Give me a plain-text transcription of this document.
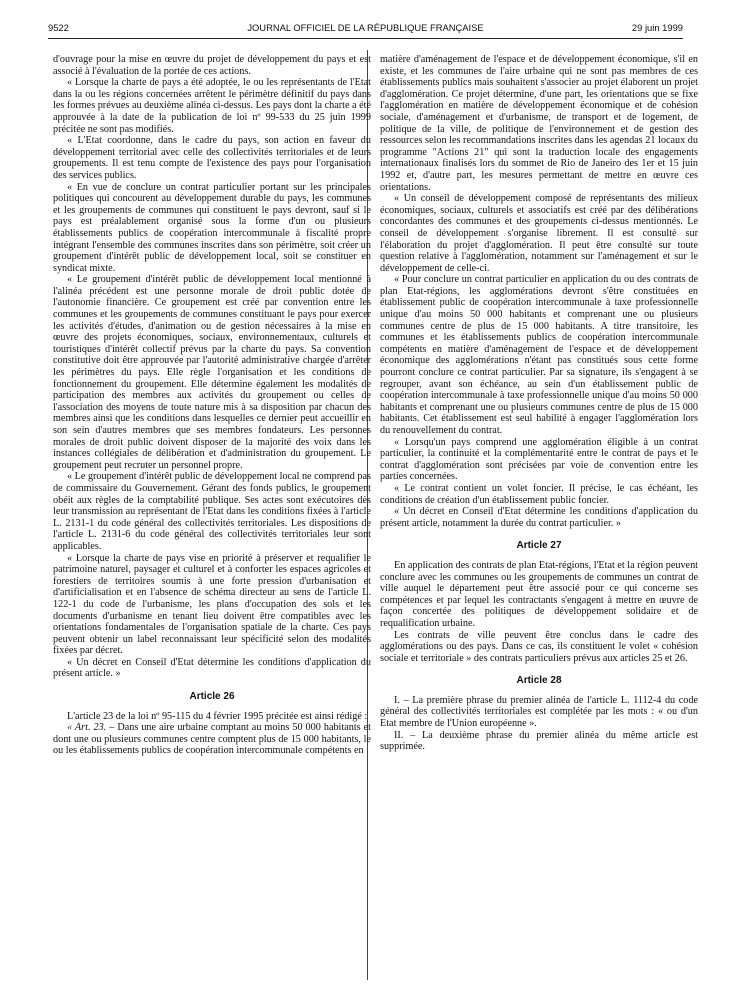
9522	JOURNAL OFFICIEL DE LA RÉPUBLIQUE FRANÇAISE	29 juin 1999

d'ouvrage pour la mise en œuvre du projet de développement du pays et est associé à l'évaluation de la portée de ces actions.

« Lorsque la charte de pays a été adoptée, le ou les représentants de l'Etat dans la ou les régions concernées arrêtent le périmètre définitif du pays dans les formes prévues au deuxième alinéa ci-dessus. Les pays dont la charte a été approuvée à la date de la publication de loi nº 99-533 du 25 juin 1999 précitée ne sont pas modifiés.

« L'Etat coordonne, dans le cadre du pays, son action en faveur du développement territorial avec celle des collectivités territoriales et de leurs groupements. Il est tenu compte de l'existence des pays pour l'organisation des services publics.

« En vue de conclure un contrat particulier portant sur les principales politiques qui concourent au développement durable du pays, les communes et les groupements de communes qui constituent le pays devront, sauf si le pays est préalablement organisé sous la forme d'un ou plusieurs établissements publics de coopération intercommunale à fiscalité propre intégrant l'ensemble des communes inscrites dans son périmètre, soit créer un groupement d'intérêt public de développement local, soit se constituer en syndicat mixte.

« Le groupement d'intérêt public de développement local mentionné à l'alinéa précédent est une personne morale de droit public dotée de l'autonomie financière. Ce groupement est créé par convention entre les communes et les groupements de communes constituant le pays pour exercer les activités d'études, d'animation ou de gestion nécessaires à la mise en œuvre des projets économiques, sociaux, environnementaux, culturels et touristiques d'intérêt collectif prévus par la charte du pays. Sa convention constitutive doit être approuvée par l'autorité administrative chargée d'arrêter les périmètres du pays. Elle règle l'organisation et les conditions de fonctionnement du groupement. Elle détermine également les modalités de participation des membres aux activités du groupement ou celles de l'association des moyens de toute nature mis à sa disposition par chacun des membres ainsi que les conditions dans lesquelles ce dernier peut accueillir en son sein d'autres membres que ses membres fondateurs. Les personnes morales de droit public doivent disposer de la majorité des voix dans les instances collégiales de délibération et d'administration du groupement. Le groupement peut recruter un personnel propre.

« Le groupement d'intérêt public de développement local ne comprend pas de commissaire du Gouvernement. Gérant des fonds publics, le groupement obéit aux règles de la comptabilité publique. Ses actes sont exécutoires dès leur transmission au représentant de l'Etat dans les conditions fixées à l'article L. 2131-1 du code général des collectivités territoriales. Les dispositions de l'article L. 2131-6 du code général des collectivités territoriales leur sont applicables.

« Lorsque la charte de pays vise en priorité à préserver et requalifier le patrimoine naturel, paysager et culturel et à conforter les espaces agricoles et forestiers de territoires soumis à une forte pression d'urbanisation et d'artificialisation et en l'absence de schéma directeur au sens de l'article L. 122-1 du code de l'urbanisme, les plans d'occupation des sols et les documents d'urbanisme en tenant lieu doivent être compatibles avec les orientations fondamentales de l'organisation spatiale de la charte. Ces pays peuvent obtenir un label reconnaissant leur spécificité selon des modalités fixées par décret.

« Un décret en Conseil d'Etat détermine les conditions d'application du présent article. »

Article 26

L'article 23 de la loi nº 95-115 du 4 février 1995 précitée est ainsi rédigé :

« Art. 23. – Dans une aire urbaine comptant au moins 50 000 habitants et dont une ou plusieurs communes centre comptent plus de 15 000 habitants, le ou les établissements publics de coopération intercommunale compétents en

matière d'aménagement de l'espace et de développement économique, s'il en existe, et les communes de l'aire urbaine qui ne sont pas membres de ces établissements publics mais souhaitent s'associer au projet élaborent un projet d'agglomération. Ce projet détermine, d'une part, les orientations que se fixe l'agglomération en matière de développement économique et de cohésion sociale, d'aménagement et d'urbanisme, de transport et de logement, de politique de la ville, de politique de l'environnement et de gestion des ressources selon les recommandations inscrites dans les agendas 21 locaux du programme "Actions 21" qui sont la traduction locale des engagements internationaux finalisés lors du sommet de Rio de Janeiro des 1er et 15 juin 1992 et, d'autre part, les mesures permettant de mettre en œuvre ces orientations.

« Un conseil de développement composé de représentants des milieux économiques, sociaux, culturels et associatifs est créé par des délibérations concordantes des communes et des groupements ci-dessus mentionnés. Le conseil de développement s'organise librement. Il est consulté sur l'élaboration du projet d'agglomération. Il peut être consulté sur toute question relative à l'agglomération, notamment sur l'aménagement et sur le développement de celle-ci.

« Pour conclure un contrat particulier en application du ou des contrats de plan Etat-régions, les agglomérations devront s'être constituées en établissement public de coopération intercommunale à taxe professionnelle unique d'au moins 50 000 habitants et comprenant une ou plusieurs communes centre de plus de 15 000 habitants. A titre transitoire, les communes et les établissements publics de coopération intercommunale compétents en matière d'aménagement de l'espace et de développement économique des agglomérations n'étant pas constitués sous cette forme pourront conclure ce contrat particulier. Par sa signature, ils s'engagent à se regrouper, avant son échéance, au sein d'un établissement public de coopération intercommunale à taxe professionnelle unique d'au moins 50 000 habitants et comprenant une ou plusieurs communes centre de plus de 15 000 habitants. Cet établissement est seul habilité à engager l'agglomération lors du renouvellement du contrat.

« Lorsqu'un pays comprend une agglomération éligible à un contrat particulier, la continuité et la complémentarité entre le contrat de pays et le contrat d'agglomération sont précisées par voie de convention entre les parties concernées.

« Le contrat contient un volet foncier. Il précise, le cas échéant, les conditions de création d'un établissement public foncier.

« Un décret en Conseil d'Etat détermine les conditions d'application du présent article, notamment la durée du contrat particulier. »

Article 27

En application des contrats de plan Etat-régions, l'Etat et la région peuvent conclure avec les communes ou les groupements de communes un contrat de ville auquel le département peut être associé pour ce qui concerne ses compétences et par lequel les contractants s'engagent à mettre en œuvre de façon concertée des politiques de développement solidaire et de requalification urbaine.

Les contrats de ville peuvent être conclus dans le cadre des agglomérations ou des pays. Dans ce cas, ils constituent le volet « cohésion sociale et territoriale » des contrats particuliers prévus aux articles 25 et 26.

Article 28

I. – La première phrase du premier alinéa de l'article L. 1112-4 du code général des collectivités territoriales est complétée par les mots : « ou d'un Etat membre de l'Union européenne ».

II. – La deuxième phrase du premier alinéa du même article est supprimée.
